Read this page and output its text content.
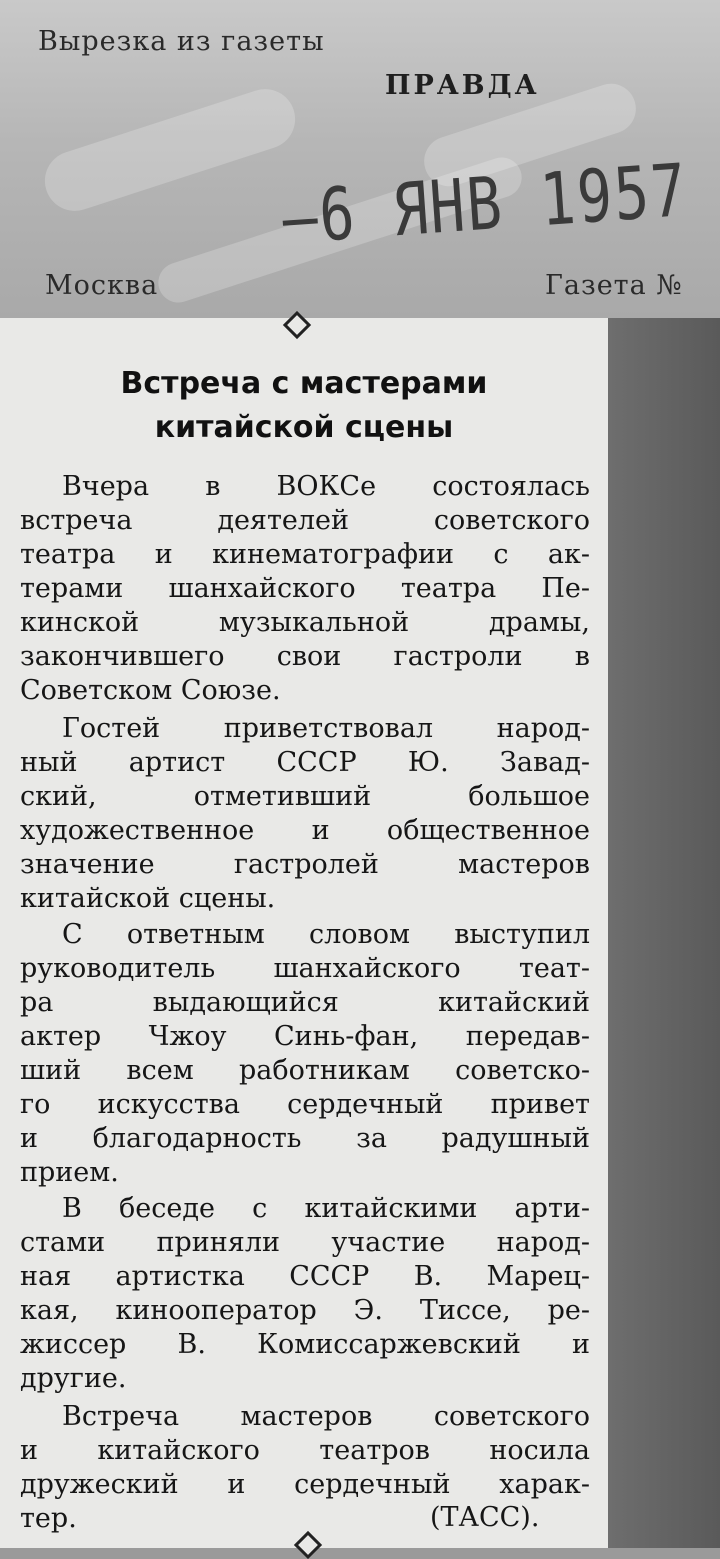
Вырезка из газеты
ПРАВДА
–6 ЯНВ 1957
Москва	Газета №
Встреча с мастерами
китайской сцены
Вчера в ВОКСе состоялась
встреча деятелей советского
театра и кинематографии с ак-
терами шанхайского театра Пе-
кинской музыкальной драмы,
закончившего свои гастроли в
Советском Союзе.
Гостей приветствовал народ-
ный артист СССР Ю. Завад-
ский, отметивший большое
художественное и общественное
значение гастролей мастеров
китайской сцены.
С ответным словом выступил
руководитель шанхайского теат-
ра выдающийся китайский
актер Чжоу Синь-фан, передав-
ший всем работникам советско-
го искусства сердечный привет
и благодарность за радушный
прием.
В беседе с китайскими арти-
стами приняли участие народ-
ная артистка СССР В. Марец-
кая, кинооператор Э. Тиссе, ре-
жиссер В. Комиссаржевский и
другие.
Встреча мастеров советского
и китайского театров носила
дружеский и сердечный харак-
тер.	(ТАСС).
